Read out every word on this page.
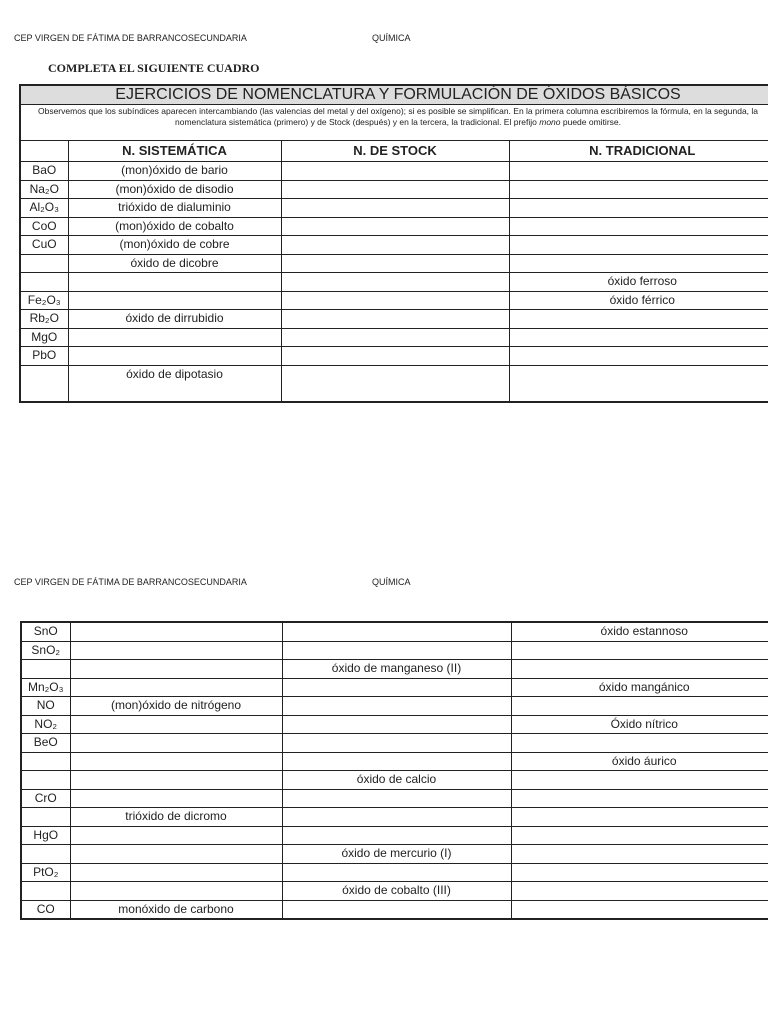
CEP VIRGEN DE FÁTIMA DE BARRANCOSECUNDARIA	QUÍMICA
COMPLETA EL SIGUIENTE CUADRO
EJERCICIOS DE NOMENCLATURA Y FORMULACIÓN DE ÓXIDOS BÁSICOS			
Observemos que los subíndices aparecen intercambiando (las valencias del metal y del oxígeno); si es posible se simplifican. En la primera columna escribiremos la fórmula, en la segunda, la nomenclatura sistemática (primero) y de Stock (después) y en la tercera, la tradicional. El prefijo mono puede omitirse.			
	N. SISTEMÁTICA	N. DE STOCK	N. TRADICIONAL
BaO	(mon)óxido de bario		
Na₂O	(mon)óxido de disodio		
Al₂O₃	trióxido de dialuminio		
CoO	(mon)óxido de cobalto		
CuO	(mon)óxido de cobre		
	óxido de dicobre		
			óxido ferroso
Fe₂O₃			óxido férrico
Rb₂O	óxido de dirrubidio		
MgO			
PbO			
	óxido de dipotasio		
CEP VIRGEN DE FÁTIMA DE BARRANCOSECUNDARIA	QUÍMICA
SnO			óxido estannoso
SnO₂			
		óxido de manganeso (II)	
Mn₂O₃			óxido mangánico
NO	(mon)óxido de nitrógeno		
NO₂			Óxido nítrico
BeO			
			óxido áurico
		óxido de calcio	
CrO			
	trióxido de dicromo		
HgO			
		óxido de mercurio (I)	
PtO₂			
		óxido de cobalto (III)	
CO	monóxido de carbono		
